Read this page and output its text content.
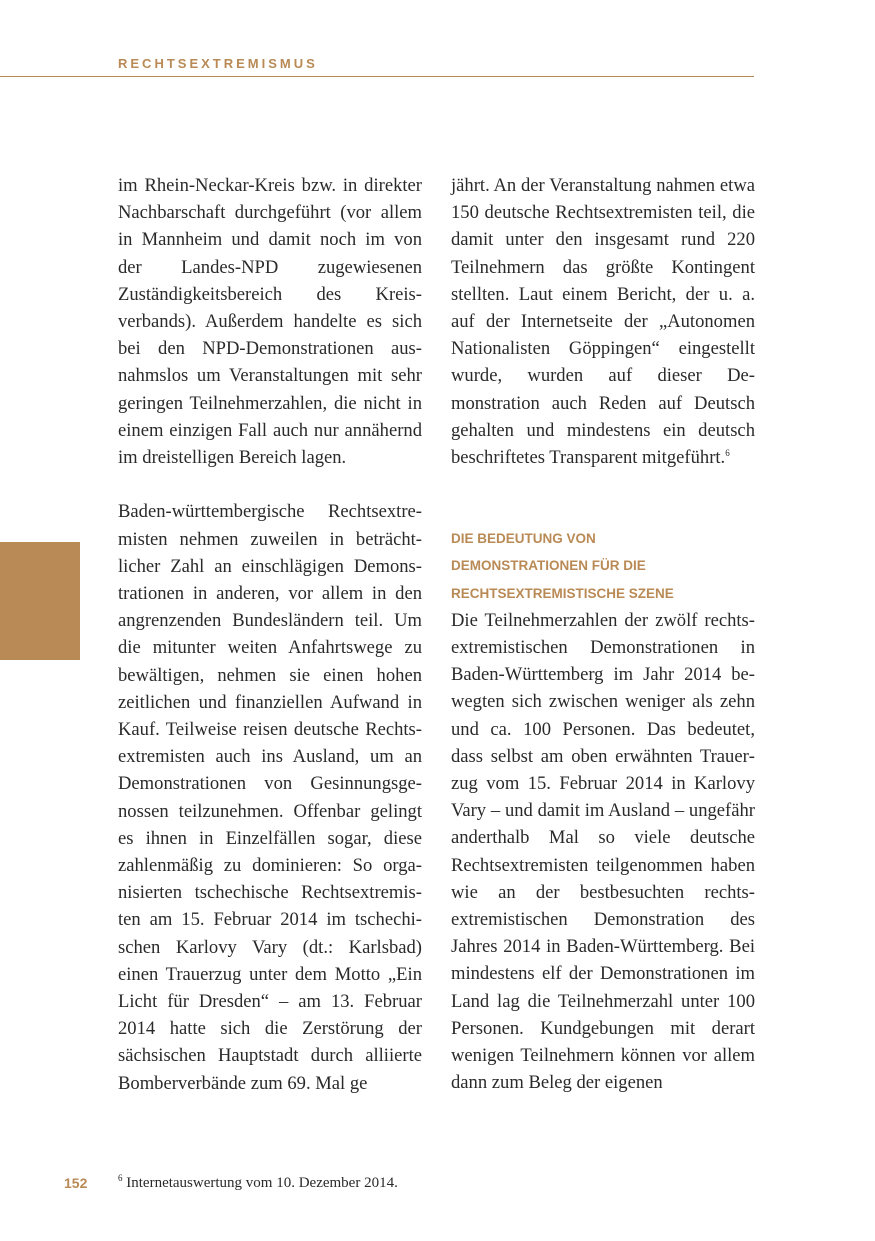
RECHTSEXTREMISMUS

im Rhein-Neckar-Kreis bzw. in direkter Nachbarschaft durchgeführt (vor allem in Mannheim und damit noch im von der Landes-NPD zugewiesenen Zuständigkeitsbereich des Kreisverbands). Außerdem handelte es sich bei den NPD-Demonstrationen ausnahmslos um Veranstaltungen mit sehr geringen Teilnehmerzahlen, die nicht in einem einzigen Fall auch nur annähernd im dreistelligen Bereich lagen.

Baden-württembergische Rechtsextremisten nehmen zuweilen in beträchtlicher Zahl an einschlägigen Demonstrationen in anderen, vor allem in den angrenzenden Bundesländern teil. Um die mitunter weiten Anfahrtswege zu bewältigen, nehmen sie einen hohen zeitlichen und finanziellen Aufwand in Kauf. Teilweise reisen deutsche Rechtsextremisten auch ins Ausland, um an Demonstrationen von Gesinnungsgenossen teilzunehmen. Offenbar gelingt es ihnen in Einzelfällen sogar, diese zahlenmäßig zu dominieren: So organisierten tschechische Rechtsextremisten am 15. Februar 2014 im tschechischen Karlovy Vary (dt.: Karlsbad) einen Trauerzug unter dem Motto „Ein Licht für Dresden“ – am 13. Februar 2014 hatte sich die Zerstörung der sächsischen Hauptstadt durch alliierte Bomberverbände zum 69. Mal ge

jährt. An der Veranstaltung nahmen etwa 150 deutsche Rechtsextremisten teil, die damit unter den insgesamt rund 220 Teilnehmern das größte Kontingent stellten. Laut einem Bericht, der u. a. auf der Internetseite der „Autonomen Nationalisten Göppingen“ eingestellt wurde, wurden auf dieser Demonstration auch Reden auf Deutsch gehalten und mindestens ein deutsch beschriftetes Transparent mitgeführt.$^6$

DIE BEDEUTUNG VON
DEMONSTRATIONEN FÜR DIE
RECHTSEXTREMISTISCHE SZENE

Die Teilnehmerzahlen der zwölf rechtsextremistischen Demonstrationen in Baden-Württemberg im Jahr 2014 bewegten sich zwischen weniger als zehn und ca. 100 Personen. Das bedeutet, dass selbst am oben erwähnten Trauerzug vom 15. Februar 2014 in Karlovy Vary – und damit im Ausland – ungefähr anderthalb Mal so viele deutsche Rechtsextremisten teilgenommen haben wie an der bestbesuchten rechtsextremistischen Demonstration des Jahres 2014 in Baden-Württemberg. Bei mindestens elf der Demonstrationen im Land lag die Teilnehmerzahl unter 100 Personen. Kundgebungen mit derart wenigen Teilnehmern können vor allem dann zum Beleg der eigenen

152	$^6$ Internetauswertung vom 10. Dezember 2014.
